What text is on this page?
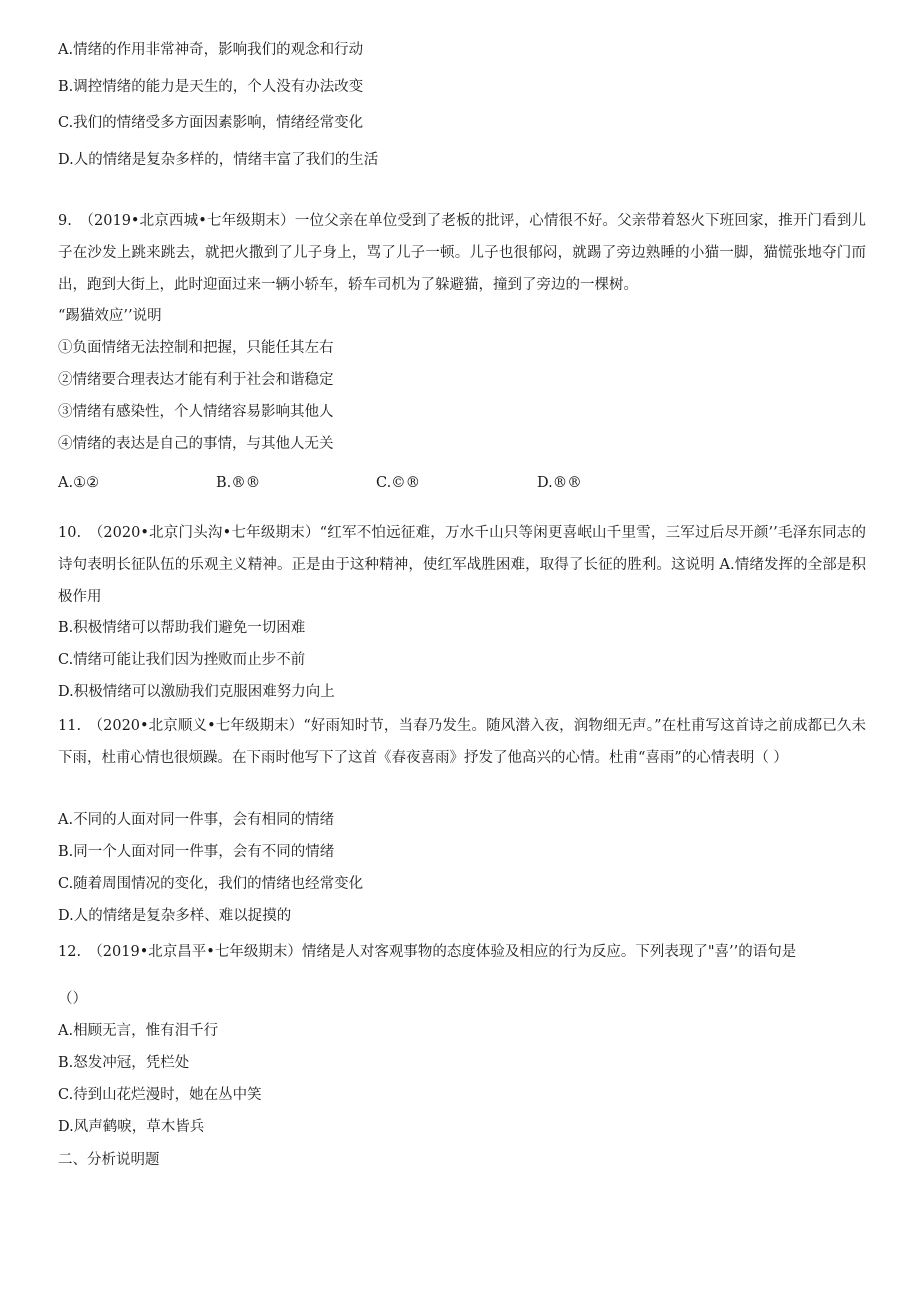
A.情绪的作用非常神奇，影响我们的观念和行动
B.调控情绪的能力是天生的，个人没有办法改变
C.我们的情绪受多方面因素影响，情绪经常变化
D.人的情绪是复杂多样的，情绪丰富了我们的生活
9.　（2019•北京西城•七年级期末）一位父亲在单位受到了老板的批评，心情很不好。父亲带着怒火下班回家，推开门看到儿子在沙发上跳来跳去，就把火撒到了儿子身上，骂了儿子一顿。儿子也很郁闷，就踢了旁边熟睡的小猫一脚，猫慌张地夺门而出，跑到大街上，此时迎面过来一辆小轿车，轿车司机为了躲避猫，撞到了旁边的一棵树。
“踢猫效应’’说明
①负面情绪无法控制和把握，只能任其左右
②情绪要合理表达才能有利于社会和谐稳定
③情绪有感染性，个人情绪容易影响其他人
④情绪的表达是自己的事情，与其他人无关
A.①②	B.®®	C.©®	D.®®
10.　（2020•北京门头沟•七年级期末）“红军不怕远征难，万水千山只等闲更喜岷山千里雪，三军过后尽开颜’’毛泽东同志的诗句表明长征队伍的乐观主义精神。正是由于这种精神，使红军战胜困难，取得了长征的胜利。这说明 A.情绪发挥的全部是积极作用
B.积极情绪可以帮助我们避免一切困难
C.情绪可能让我们因为挫败而止步不前
D.积极情绪可以激励我们克服困难努力向上
11.　（2020•北京顺义•七年级期末）“好雨知时节，当春乃发生。随风潜入夜，润物细无声。”在杜甫写这首诗之前成都已久未下雨，杜甫心情也很烦躁。在下雨时他写下了这首《春夜喜雨》抒发了他高兴的心情。杜甫“喜雨”的心情表明（ ）
A.不同的人面对同一件事，会有相同的情绪
B.同一个人面对同一件事，会有不同的情绪
C.随着周围情况的变化，我们的情绪也经常变化
D.人的情绪是复杂多样、难以捉摸的
12.　（2019•北京昌平•七年级期末）情绪是人对客观事物的态度体验及相应的行为反应。下列表现了"喜’’的语句是
（）
A.相顾无言，惟有泪千行
B.怒发冲冠，凭栏处
C.待到山花烂漫时，她在丛中笑
D.风声鹤唳，草木皆兵
二、分析说明题
